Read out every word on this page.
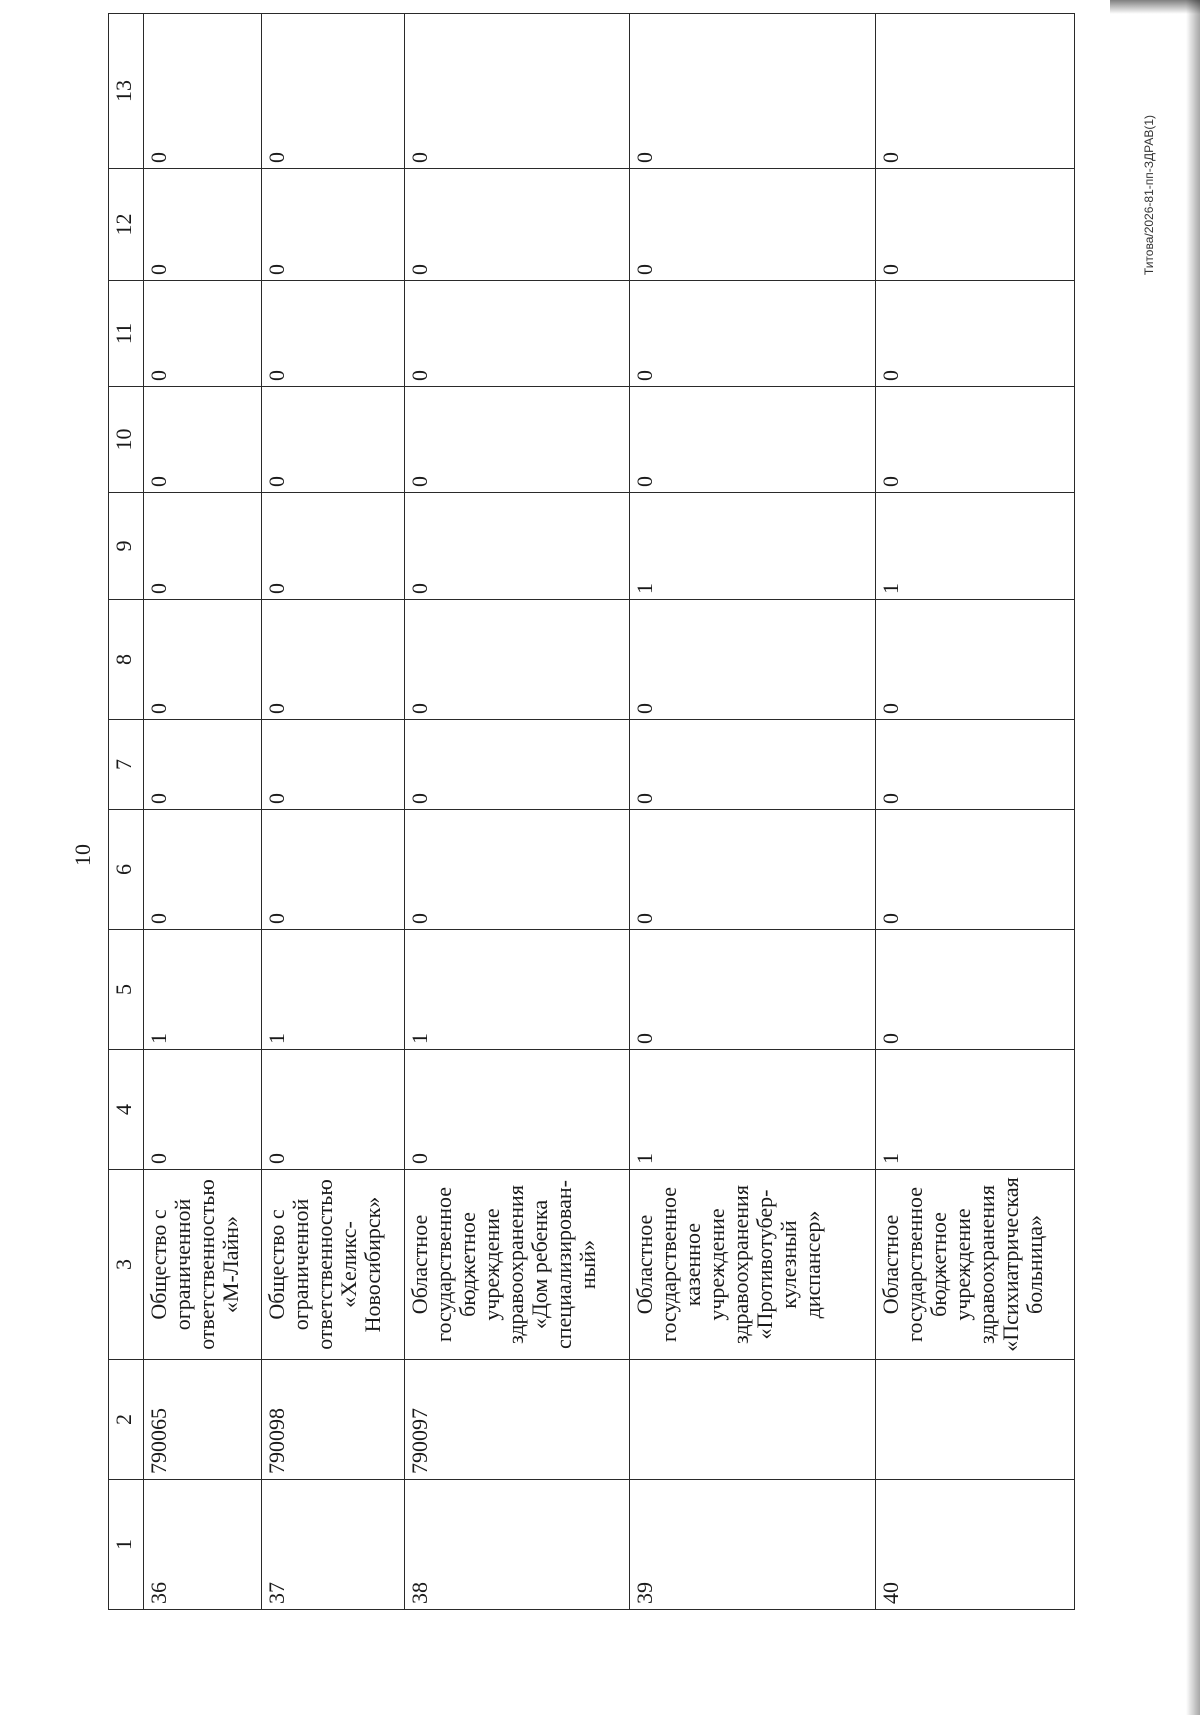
10
1	2	3	4	5	6	7	8	9	10	11	12	13
36	790065	Общество с ограниченной ответственностью «М-Лайн»	0	1	0	0	0	0	0	0	0	0
37	790098	Общество с ограниченной ответственностью «Хеликс-Новосибирск»	0	1	0	0	0	0	0	0	0	0
38	790097	Областное государственное бюджетное учреждение здравоохранения «Дом ребенка специализирован-ный»	0	1	0	0	0	0	0	0	0	0
39		Областное государственное казенное учреждение здравоохранения «Противотубер-кулезный диспансер»	1	0	0	0	0	1	0	0	0	0
40		Областное государственное бюджетное учреждение здравоохранения «Психиатрическая больница»	1	0	0	0	0	1	0	0	0	0	Титова/2026-81-пп-ЗДРАВ(1)
